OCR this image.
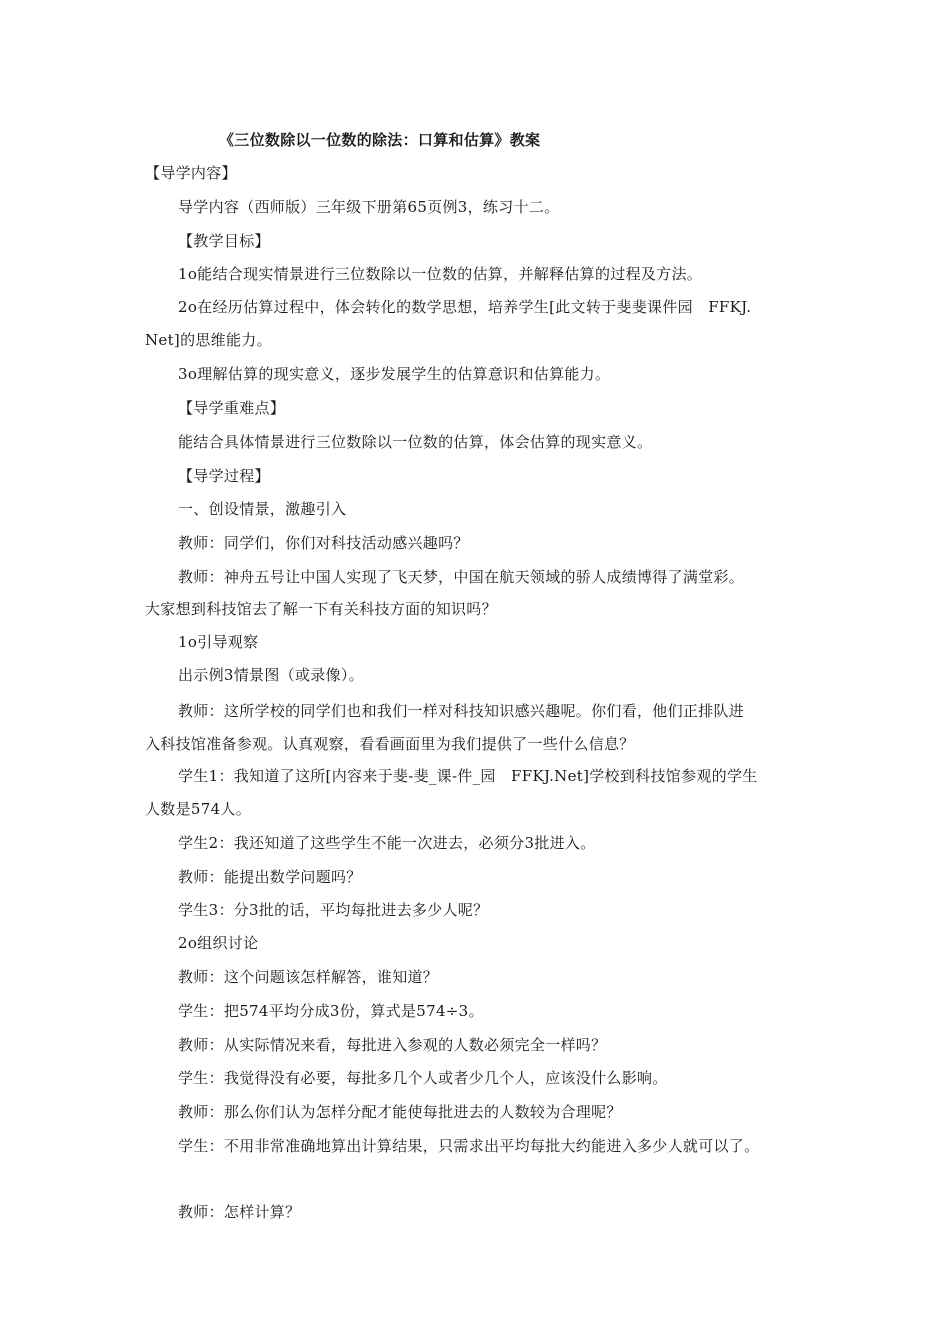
《三位数除以一位数的除法：口算和估算》教案
【导学内容】
导学内容（西师版）三年级下册第65页例3，练习十二。
【教学目标】
1o能结合现实情景进行三位数除以一位数的估算，并解释估算的过程及方法。
2o在经历估算过程中，体会转化的数学思想，培养学生[此文转于斐斐课件园　FFKJ.
Net]的思维能力。
3o理解估算的现实意义，逐步发展学生的估算意识和估算能力。
【导学重难点】
能结合具体情景进行三位数除以一位数的估算，体会估算的现实意义。
【导学过程】
一、创设情景，激趣引入
教师：同学们，你们对科技活动感兴趣吗？
教师：神舟五号让中国人实现了飞天梦，中国在航天领域的骄人成绩博得了满堂彩。
大家想到科技馆去了解一下有关科技方面的知识吗？
1o引导观察
出示例3情景图（或录像）。
教师：这所学校的同学们也和我们一样对科技知识感兴趣呢。你们看，他们正排队进
入科技馆准备参观。认真观察，看看画面里为我们提供了一些什么信息？
学生1：我知道了这所[内容来于斐-斐_课-件_园　FFKJ.Net]学校到科技馆参观的学生
人数是574人。
学生2：我还知道了这些学生不能一次进去，必须分3批进入。
教师：能提出数学问题吗？
学生3：分3批的话，平均每批进去多少人呢？
2o组织讨论
教师：这个问题该怎样解答，谁知道？
学生：把574平均分成3份，算式是574÷3。
教师：从实际情况来看，每批进入参观的人数必须完全一样吗？
学生：我觉得没有必要，每批多几个人或者少几个人，应该没什么影响。
教师：那么你们认为怎样分配才能使每批进去的人数较为合理呢？
学生：不用非常准确地算出计算结果，只需求出平均每批大约能进入多少人就可以了。
教师：怎样计算？
